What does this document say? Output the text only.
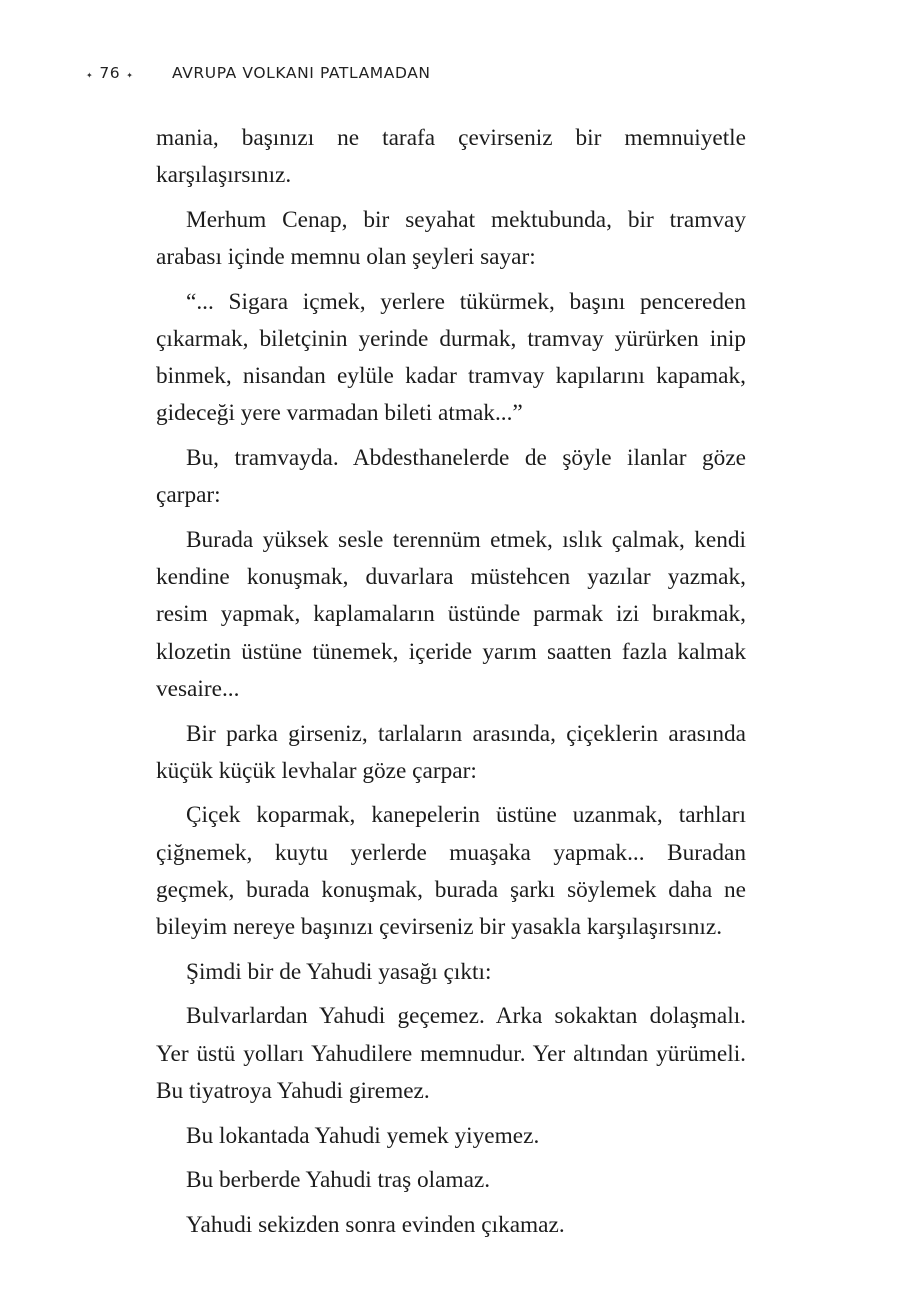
✦ 76 ✦ AVRUPA VOLKANI PATLAMADAN

mania, başınızı ne tarafa çevirseniz bir memnuiyetle karşılaşırsınız.

Merhum Cenap, bir seyahat mektubunda, bir tramvay arabası içinde memnu olan şeyleri sayar:

“... Sigara içmek, yerlere tükürmek, başını pencereden çıkarmak, biletçinin yerinde durmak, tramvay yürürken inip binmek, nisandan eylüle kadar tramvay kapılarını kapamak, gideceği yere varmadan bileti atmak...”

Bu, tramvayda. Abdesthanelerde de şöyle ilanlar göze çarpar:

Burada yüksek sesle terennüm etmek, ıslık çalmak, kendi kendine konuşmak, duvarlara müstehcen yazılar yazmak, resim yapmak, kaplamaların üstünde parmak izi bırakmak, klozetin üstüne tünemek, içeride yarım saatten fazla kalmak vesaire...

Bir parka girseniz, tarlaların arasında, çiçeklerin arasında küçük küçük levhalar göze çarpar:

Çiçek koparmak, kanepelerin üstüne uzanmak, tarhları çiğnemek, kuytu yerlerde muaşaka yapmak... Buradan geçmek, burada konuşmak, burada şarkı söylemek daha ne bileyim nereye başınızı çevirseniz bir yasakla karşılaşırsınız.

Şimdi bir de Yahudi yasağı çıktı:

Bulvarlardan Yahudi geçemez. Arka sokaktan dolaşmalı. Yer üstü yolları Yahudilere memnudur. Yer altından yürümeli. Bu tiyatroya Yahudi giremez.

Bu lokantada Yahudi yemek yiyemez.

Bu berberde Yahudi traş olamaz.

Yahudi sekizden sonra evinden çıkamaz.
